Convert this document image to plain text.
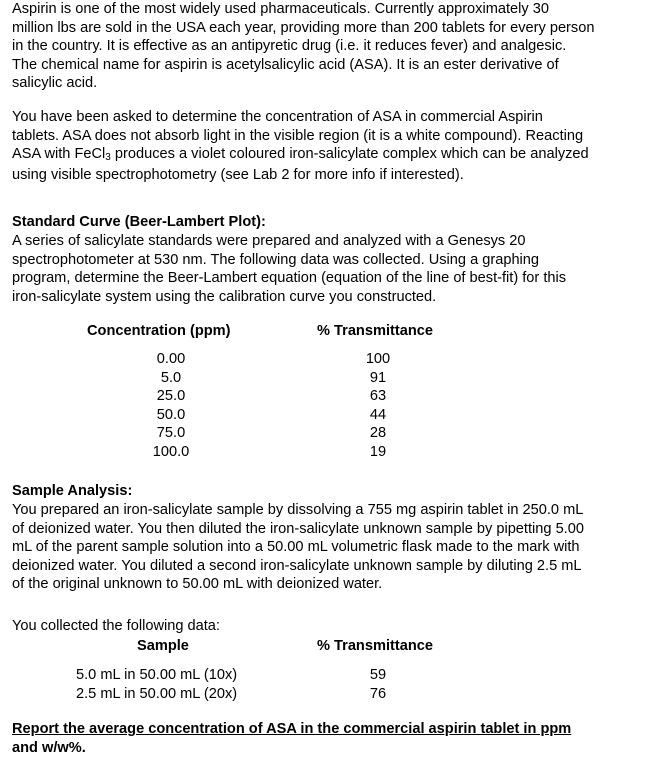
Aspirin is one of the most widely used pharmaceuticals. Currently approximately 30

million lbs are sold in the USA each year, providing more than 200 tablets for every person

in the country. It is effective as an antipyretic drug (i.e. it reduces fever) and analgesic.

The chemical name for aspirin is acetylsalicylic acid (ASA). It is an ester derivative of

salicylic acid.

You have been asked to determine the concentration of ASA in commercial Aspirin

tablets. ASA does not absorb light in the visible region (it is a white compound). Reacting

ASA with FeCl$_3$ produces a violet coloured iron-salicylate complex which can be analyzed

using visible spectrophotometry (see Lab 2 for more info if interested).

Standard Curve (Beer-Lambert Plot):

A series of salicylate standards were prepared and analyzed with a Genesys 20

spectrophotometer at 530 nm. The following data was collected. Using a graphing

program, determine the Beer-Lambert equation (equation of the line of best-fit) for this

iron-salicylate system using the calibration curve you constructed.

Concentration (ppm)	% Transmittance
0.00
5.0
25.0
50.0
75.0
100.0
100
91
63
44
28
19
Sample Analysis:

You prepared an iron-salicylate sample by dissolving a 755 mg aspirin tablet in 250.0 mL

of deionized water. You then diluted the iron-salicylate unknown sample by pipetting 5.00

mL of the parent sample solution into a 50.00 mL volumetric flask made to the mark with

deionized water. You diluted a second iron-salicylate unknown sample by diluting 2.5 mL

of the original unknown to 50.00 mL with deionized water.

You collected the following data:
Sample	% Transmittance
5.0 mL in 50.00 mL (10x)
2.5 mL in 50.00 mL (20x)
59
76
Report the average concentration of ASA in the commercial aspirin tablet in ppm
and w/w%.
